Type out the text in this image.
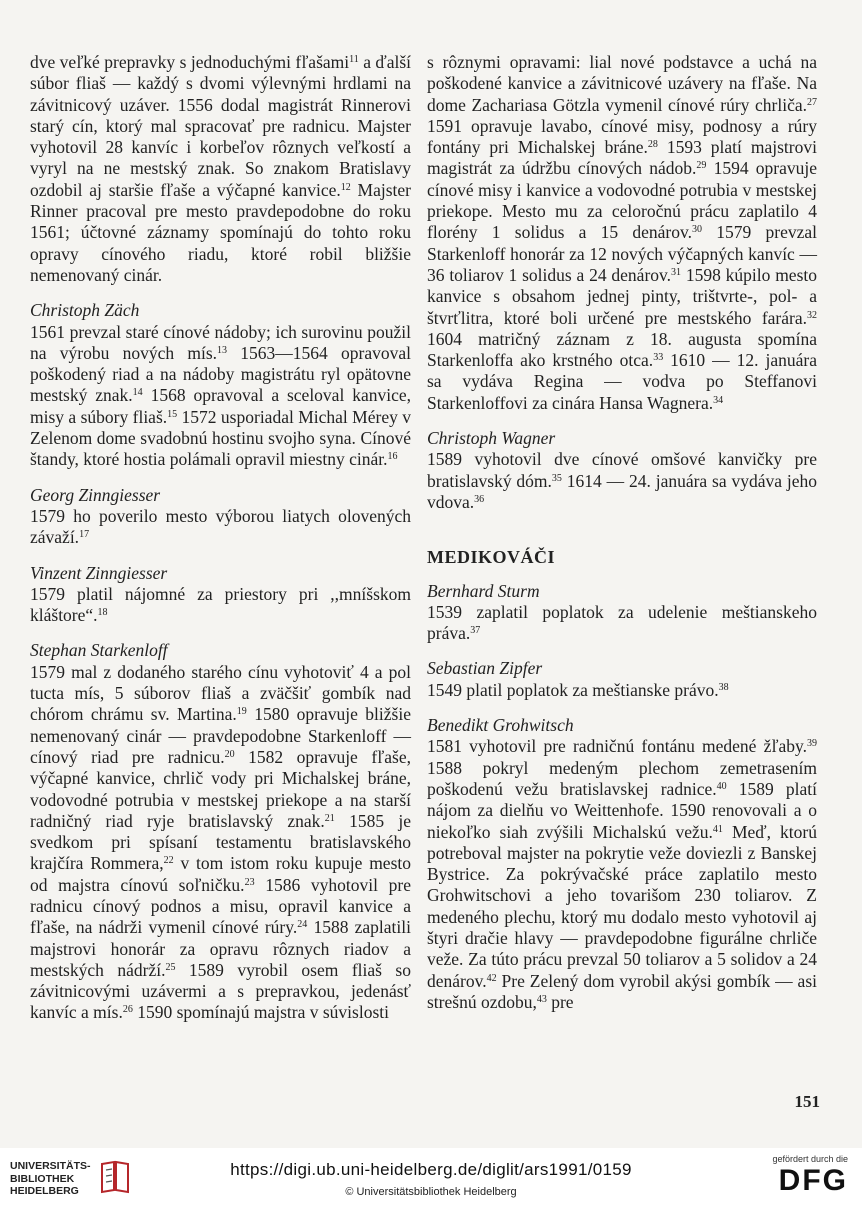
dve veľké prepravky s jednoduchými fľašami$^{11}$ a ďalší súbor fliaš — každý s dvomi výlevnými hrdlami na závitnicový uzáver. 1556 dodal magistrát Rinnerovi starý cín, ktorý mal spracovať pre radnicu. Majster vyhotovil 28 kanvíc i korbeľov rôznych veľkostí a vyryl na ne mestský znak. So znakom Bratislavy ozdobil aj staršie fľaše a výčapné kanvice.$^{12}$ Majster Rinner pracoval pre mesto pravdepodobne do roku 1561; účtovné záznamy spomínajú do tohto roku opravy cínového riadu, ktoré robil bližšie nemenovaný cinár.

Christoph Zäch

1561 prevzal staré cínové nádoby; ich surovinu použil na výrobu nových mís.$^{13}$ 1563—1564 opravoval poškodený riad a na nádoby magistrátu ryl opätovne mestský znak.$^{14}$ 1568 opravoval a sceloval kanvice, misy a súbory fliaš.$^{15}$ 1572 usporiadal Michal Mérey v Zelenom dome svadobnú hostinu svojho syna. Cínové štandy, ktoré hostia polámali opravil miestny cinár.$^{16}$

Georg Zinngiesser

1579 ho poverilo mesto výborou liatych olovených závaží.$^{17}$

Vinzent Zinngiesser

1579 platil nájomné za priestory pri ,,mníšskom kláštore“.$^{18}$

Stephan Starkenloff

1579 mal z dodaného starého cínu vyhotoviť 4 a pol tucta mís, 5 súborov fliaš a zväčšiť gombík nad chórom chrámu sv. Martina.$^{19}$ 1580 opravuje bližšie nemenovaný cinár — pravdepodobne Starkenloff — cínový riad pre radnicu.$^{20}$ 1582 opravuje fľaše, výčapné kanvice, chrlič vody pri Michalskej bráne, vodovodné potrubia v mestskej priekope a na starší radničný riad ryje bratislavský znak.$^{21}$ 1585 je svedkom pri spísaní testamentu bratislavského krajčíra Rommera,$^{22}$ v tom istom roku kupuje mesto od majstra cínovú soľničku.$^{23}$ 1586 vyhotovil pre radnicu cínový podnos a misu, opravil kanvice a fľaše, na nádrži vymenil cínové rúry.$^{24}$ 1588 zaplatili majstrovi honorár za opravu rôznych riadov a mestských nádrží.$^{25}$ 1589 vyrobil osem fliaš so závitnicovými uzávermi a s prepravkou, jedenásť kanvíc a mís.$^{26}$ 1590 spomínajú majstra v súvislosti

s rôznymi opravami: lial nové podstavce a uchá na poškodené kanvice a závitnicové uzávery na fľaše. Na dome Zachariasa Götzla vymenil cínové rúry chrliča.$^{27}$ 1591 opravuje lavabo, cínové misy, podnosy a rúry fontány pri Michalskej bráne.$^{28}$ 1593 platí majstrovi magistrát za údržbu cínových nádob.$^{29}$ 1594 opravuje cínové misy i kanvice a vodovodné potrubia v mestskej priekope. Mesto mu za celoročnú prácu zaplatilo 4 florény 1 solidus a 15 denárov.$^{30}$ 1579 prevzal Starkenloff honorár za 12 nových výčapných kanvíc — 36 toliarov 1 solidus a 24 denárov.$^{31}$ 1598 kúpilo mesto kanvice s obsahom jednej pinty, trištvrte-, pol- a štvrťlitra, ktoré boli určené pre mestského farára.$^{32}$ 1604 matričný záznam z 18. augusta spomína Starkenloffa ako krstného otca.$^{33}$ 1610 — 12. januára sa vydáva Regina — vodva po Steffanovi Starkenloffovi za cinára Hansa Wagnera.$^{34}$

Christoph Wagner

1589 vyhotovil dve cínové omšové kanvičky pre bratislavský dóm.$^{35}$ 1614 — 24. januára sa vydáva jeho vdova.$^{36}$

MEDIKOVÁČI

Bernhard Sturm

1539 zaplatil poplatok za udelenie meštianskeho práva.$^{37}$

Sebastian Zipfer

1549 platil poplatok za meštianske právo.$^{38}$

Benedikt Grohwitsch

1581 vyhotovil pre radničnú fontánu medené žľaby.$^{39}$ 1588 pokryl medeným plechom zemetrasením poškodenú vežu bratislavskej radnice.$^{40}$ 1589 platí nájom za dielňu vo Weittenhofe. 1590 renovovali a o niekoľko siah zvýšili Michalskú vežu.$^{41}$ Meď, ktorú potreboval majster na pokrytie veže doviezli z Banskej Bystrice. Za pokrývačské práce zaplatilo mesto Grohwitschovi a jeho tovarišom 230 toliarov. Z medeného plechu, ktorý mu dodalo mesto vyhotovil aj štyri dračie hlavy — pravdepodobne figurálne chrliče veže. Za túto prácu prevzal 50 toliarov a 5 solidov a 24 denárov.$^{42}$ Pre Zelený dom vyrobil akýsi gombík — asi strešnú ozdobu,$^{43}$ pre

151
UNIVERSITÄTS-
BIBLIOTHEK
HEIDELBERG
https://digi.ub.uni-heidelberg.de/diglit/ars1991/0159
© Universitätsbibliothek Heidelberg
gefördert durch die
DFG
